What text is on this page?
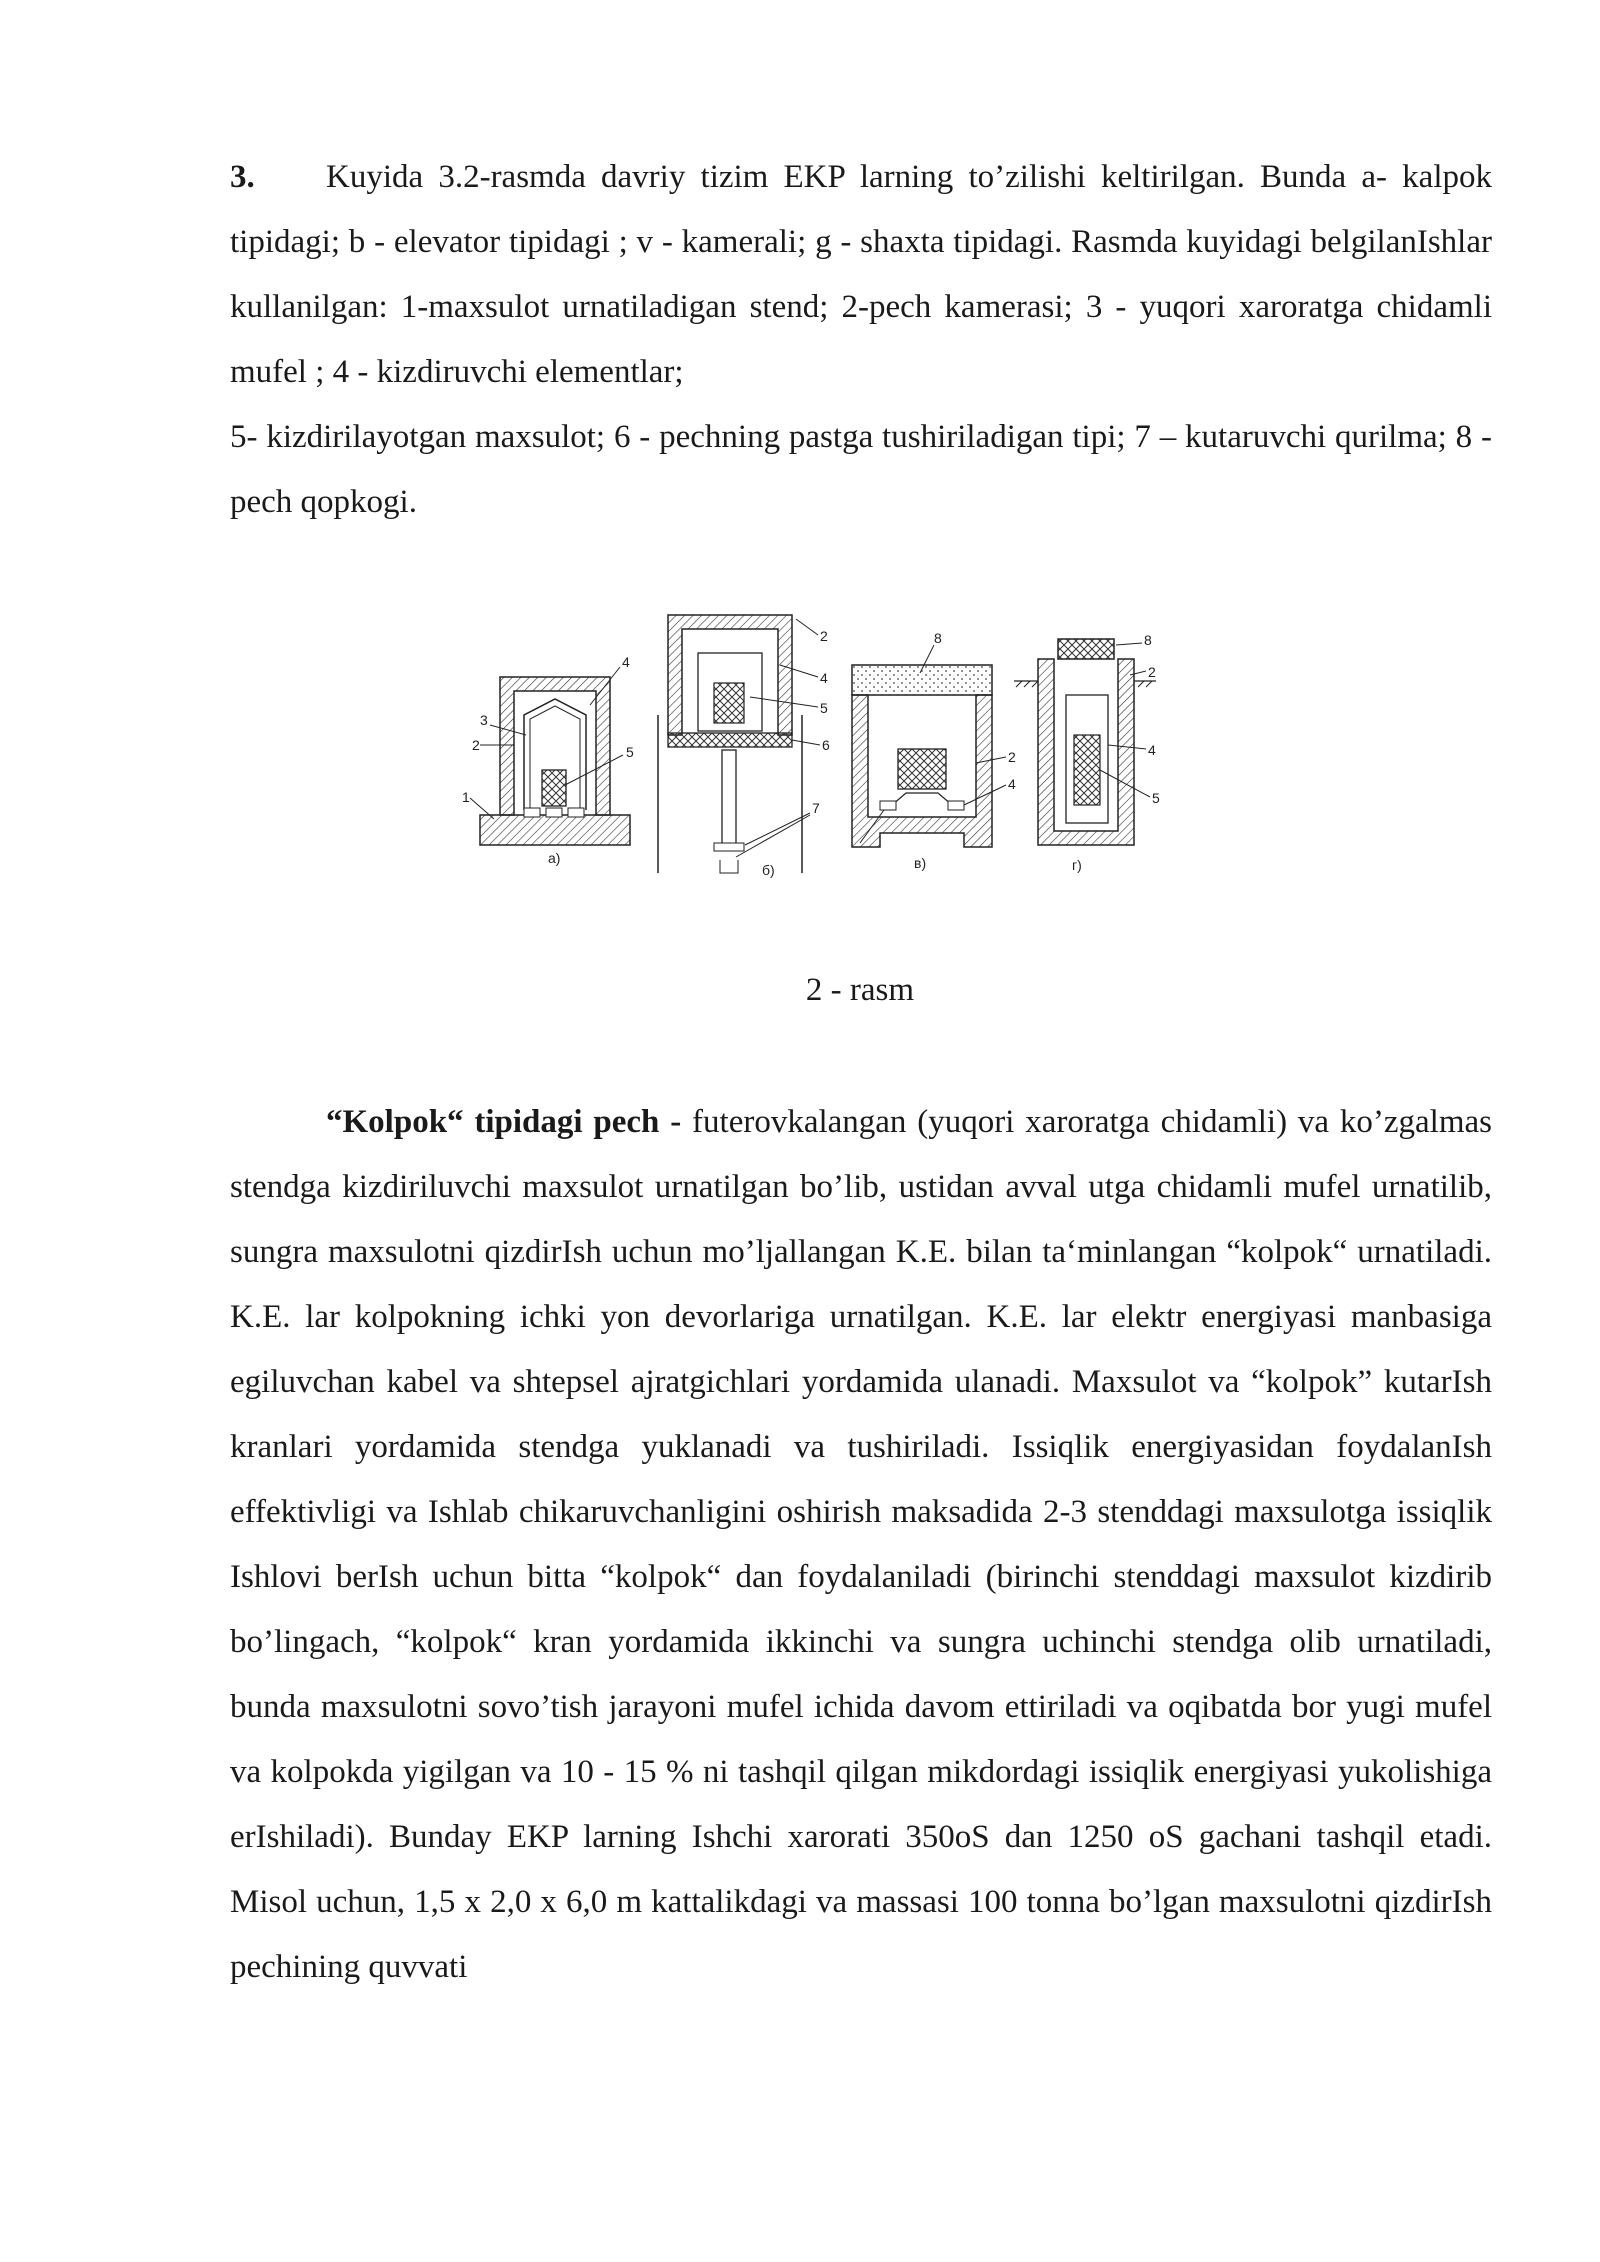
3. Kuyida 3.2-rasmda davriy tizim EKP larning to’zilishi keltirilgan. Bunda a- kalpok tipidagi; b - elevator tipidagi ; v - kamerali; g - shaxta tipidagi. Rasmda kuyidagi belgilanIshlar kullanilgan: 1-maxsulot urnatiladigan stend; 2-pech kamerasi; 3 - yuqori xaroratga chidamli mufel ; 4 - kizdiruvchi elementlar;
5- kizdirilayotgan maxsulot; 6 - pechning pastga tushiriladigan tipi; 7 – kutaruvchi qurilma; 8 - pech qopkogi.
1
2
3
4
5
а)
2
4
5
6
7
б)
8
2
4
в)
8
2
4
5
г)
2 - rasm
“Kolpok“ tipidagi pech - futerovkalangan (yuqori xaroratga chidamli) va ko’zgalmas stendga kizdiriluvchi maxsulot urnatilgan bo’lib, ustidan avval utga chidamli mufel urnatilib, sungra maxsulotni qizdirIsh uchun mo’ljallangan K.E. bilan ta‘minlangan “kolpok“ urnatiladi. K.E. lar kolpokning ichki yon devorlariga urnatilgan. K.E. lar elektr energiyasi manbasiga egiluvchan kabel va shtepsel ajratgichlari yordamida ulanadi. Maxsulot va “kolpok” kutarIsh kranlari yordamida stendga yuklanadi va tushiriladi. Issiqlik energiyasidan foydalanIsh effektivligi va Ishlab chikaruvchanligini oshirish maksadida 2-3 stenddagi maxsulotga issiqlik Ishlovi berIsh uchun bitta “kolpok“ dan foydalaniladi (birinchi stenddagi maxsulot kizdirib bo’lingach, “kolpok“ kran yordamida ikkinchi va sungra uchinchi stendga olib urnatiladi, bunda maxsulotni sovo’tish jarayoni mufel ichida davom ettiriladi va oqibatda bor yugi mufel va kolpokda yigilgan va 10 - 15 % ni tashqil qilgan mikdordagi issiqlik energiyasi yukolishiga erIshiladi). Bunday EKP larning Ishchi xarorati 350oS dan 1250 oS gachani tashqil etadi. Misol uchun, 1,5 x 2,0 x 6,0 m kattalikdagi va massasi 100 tonna bo’lgan maxsulotni qizdirIsh pechining quvvati
